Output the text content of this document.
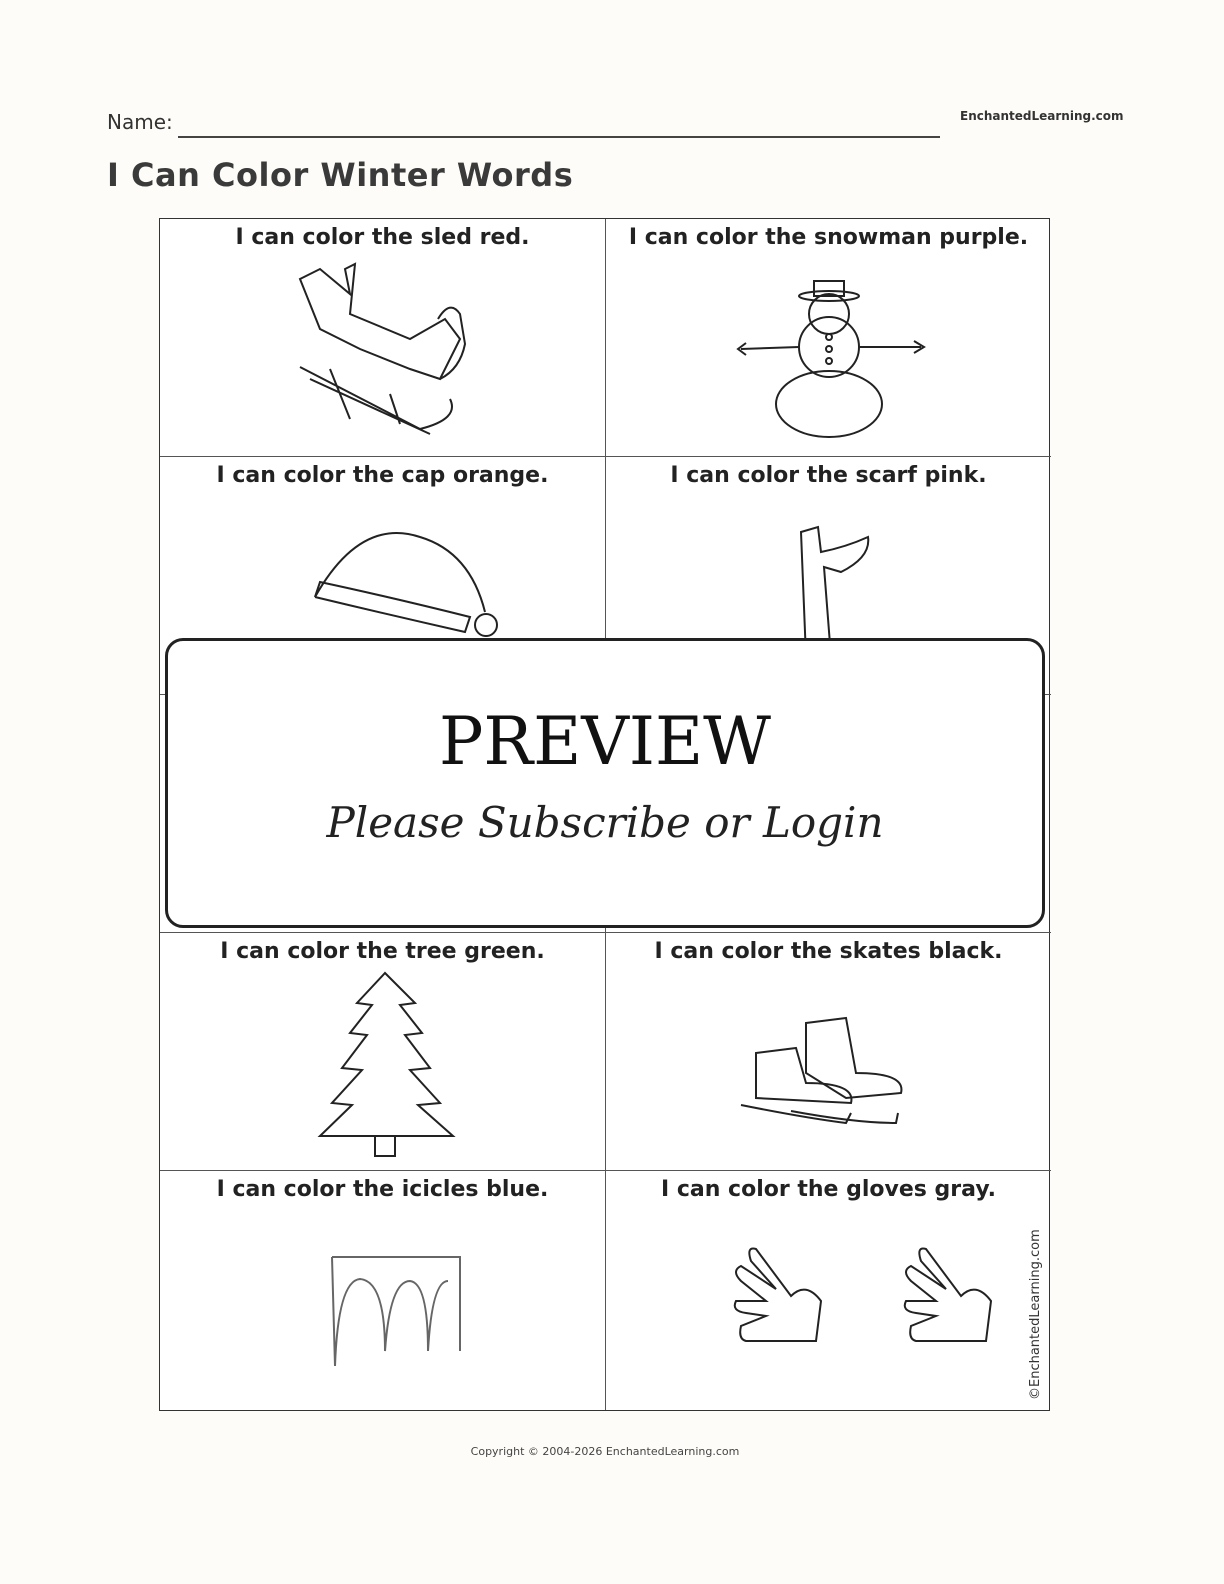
Name:	EnchantedLearning.com
I Can Color Winter Words
I can color the sled red.	I can color the snowman purple.
I can color the cap orange.	I can color the scarf pink.
I can color the tree green.	I can color the skates black.
I can color the icicles blue.	I can color the gloves gray.
©EnchantedLearning.com
PREVIEW
Please Subscribe or Login
Copyright © 2004-2026 EnchantedLearning.com
